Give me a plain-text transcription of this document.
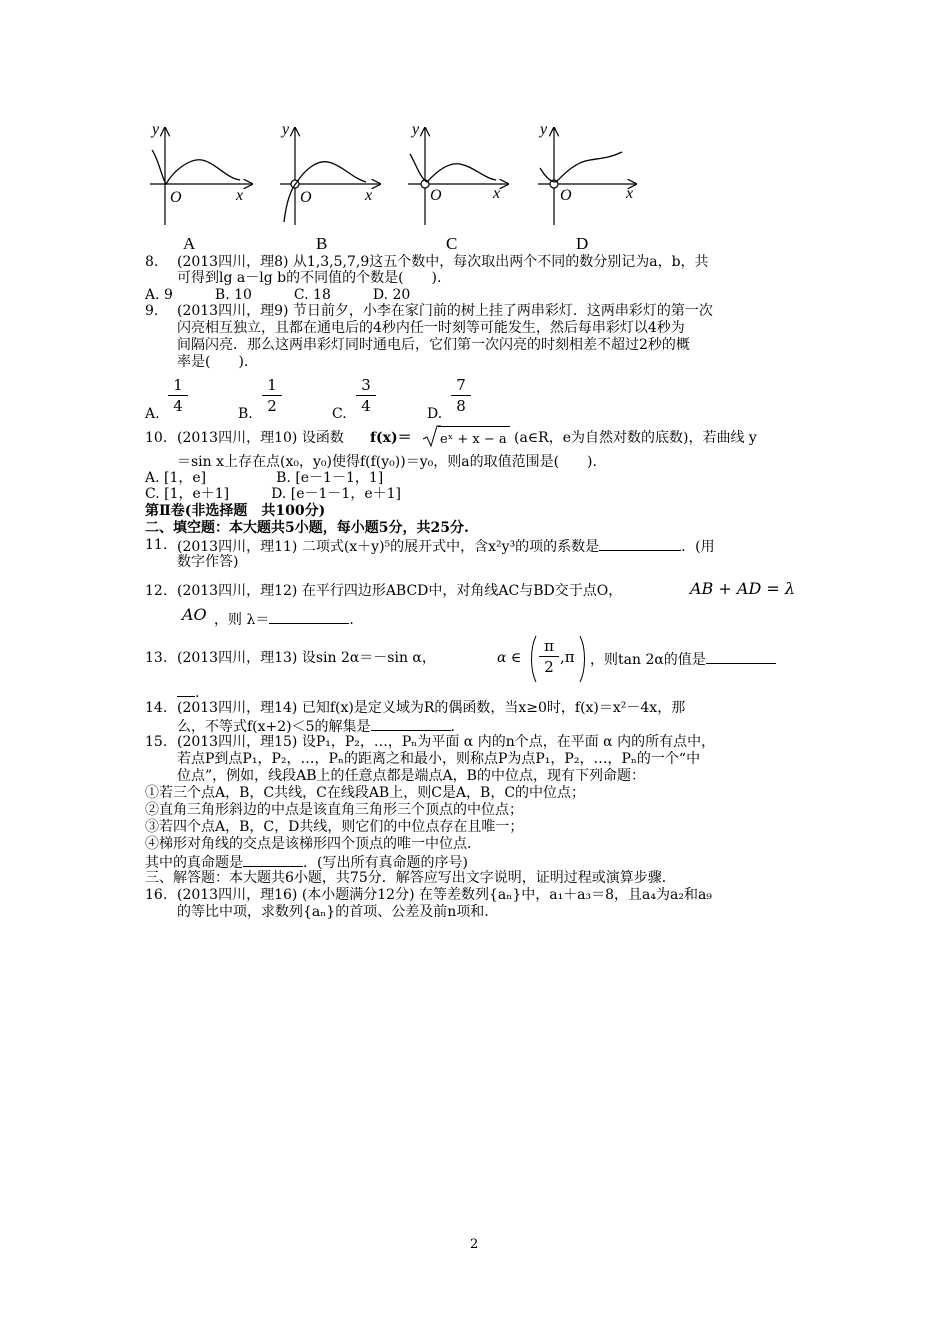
y
x
O
y
x
O
y
x
O
y
x
O
A	B	C	D
8. (2013四川，理8) 从1,3,5,7,9这五个数中，每次取出两个不同的数分别记为a，b，共
可得到lg a－lg b的不同值的个数是(　　).
A. 9　　　B. 10　　　C. 18　　　D. 20
9. (2013四川，理9) 节日前夕，小李在家门前的树上挂了两串彩灯．这两串彩灯的第一次
闪亮相互独立，且都在通电后的4秒内任一时刻等可能发生，然后每串彩灯以4秒为
间隔闪亮．那么这两串彩灯同时通电后，它们第一次闪亮的时刻相差不超过2秒的概
率是(　　).
1
4
1
2
3
4
7
8
A.	B.	C.	D.
10. (2013四川，理10) 设函数 f(x)＝ eˣ + x − a (a∈R，e为自然对数的底数)，若曲线 y
＝sin x上存在点(x₀，y₀)使得f(f(y₀))＝y₀，则a的取值范围是(　　).
A. [1，e]　　　　　B. [e－1－1，1]
C. [1，e＋1]　　　D. [e－1－1，e＋1]
第Ⅱ卷(非选择题　共100分)
二、填空题：本大题共5小题，每小题5分，共25分.
11. (2013四川，理11) 二项式(x＋y)⁵的展开式中，含x²y³的项的系数是	．(用
数字作答)
12. (2013四川，理12) 在平行四边形ABCD中，对角线AC与BD交于点O，	AB + AD = λ
AO ，则 λ＝	.
13. (2013四川，理13) 设sin 2α＝－sin α，	α ∈
π
2
,π ，则tan 2α的值是
.
14. (2013四川，理14) 已知f(x)是定义域为R的偶函数，当x≥0时，f(x)＝x²－4x，那
么，不等式f(x+2)＜5的解集是	.
15. (2013四川，理15) 设P₁，P₂，…，Pₙ为平面 α 内的n个点，在平面 α 内的所有点中，
若点P到点P₁，P₂，…，Pₙ的距离之和最小，则称点P为点P₁，P₂，…，Pₙ的一个“中
位点”，例如，线段AB上的任意点都是端点A，B的中位点，现有下列命题：
①若三个点A，B，C共线，C在线段AB上，则C是A，B，C的中位点；
②直角三角形斜边的中点是该直角三角形三个顶点的中位点；
③若四个点A，B，C，D共线，则它们的中位点存在且唯一；
④梯形对角线的交点是该梯形四个顶点的唯一中位点.
其中的真命题是	．(写出所有真命题的序号)
三、解答题：本大题共6小题，共75分．解答应写出文字说明，证明过程或演算步骤．
16. (2013四川，理16) (本小题满分12分) 在等差数列{aₙ}中，a₁＋a₃＝8，且a₄为a₂和a₉
的等比中项，求数列{aₙ}的首项、公差及前n项和.
2
